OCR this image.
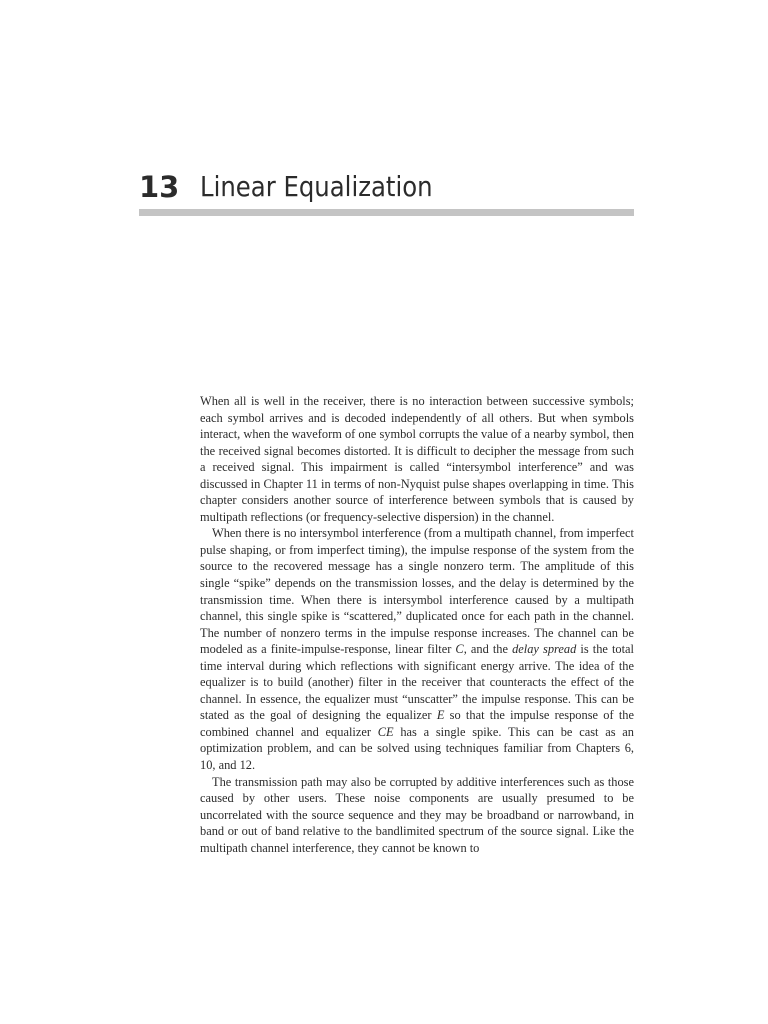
13 Linear Equalization

When all is well in the receiver, there is no interaction between successive symbols; each symbol arrives and is decoded independently of all others. But when symbols interact, when the waveform of one symbol corrupts the value of a nearby symbol, then the received signal becomes distorted. It is difficult to decipher the message from such a received signal. This impairment is called “intersymbol interference” and was discussed in Chapter 11 in terms of non-Nyquist pulse shapes overlapping in time. This chapter considers another source of interference between symbols that is caused by multipath reflections (or frequency-selective dispersion) in the channel.

When there is no intersymbol interference (from a multipath channel, from imperfect pulse shaping, or from imperfect timing), the impulse response of the system from the source to the recovered message has a single nonzero term. The amplitude of this single “spike” depends on the transmission losses, and the delay is determined by the transmission time. When there is intersymbol interference caused by a multipath channel, this single spike is “scattered,” duplicated once for each path in the channel. The number of nonzero terms in the impulse response increases. The channel can be modeled as a finite-impulse-response, linear filter C, and the delay spread is the total time interval during which reflections with significant energy arrive. The idea of the equalizer is to build (another) filter in the receiver that counteracts the effect of the channel. In essence, the equalizer must “unscatter” the impulse response. This can be stated as the goal of designing the equalizer E so that the impulse response of the combined channel and equalizer CE has a single spike. This can be cast as an optimization problem, and can be solved using techniques familiar from Chapters 6, 10, and 12.

The transmission path may also be corrupted by additive interferences such as those caused by other users. These noise components are usually presumed to be uncorrelated with the source sequence and they may be broadband or narrowband, in band or out of band relative to the bandlimited spectrum of the source signal. Like the multipath channel interference, they cannot be known to
